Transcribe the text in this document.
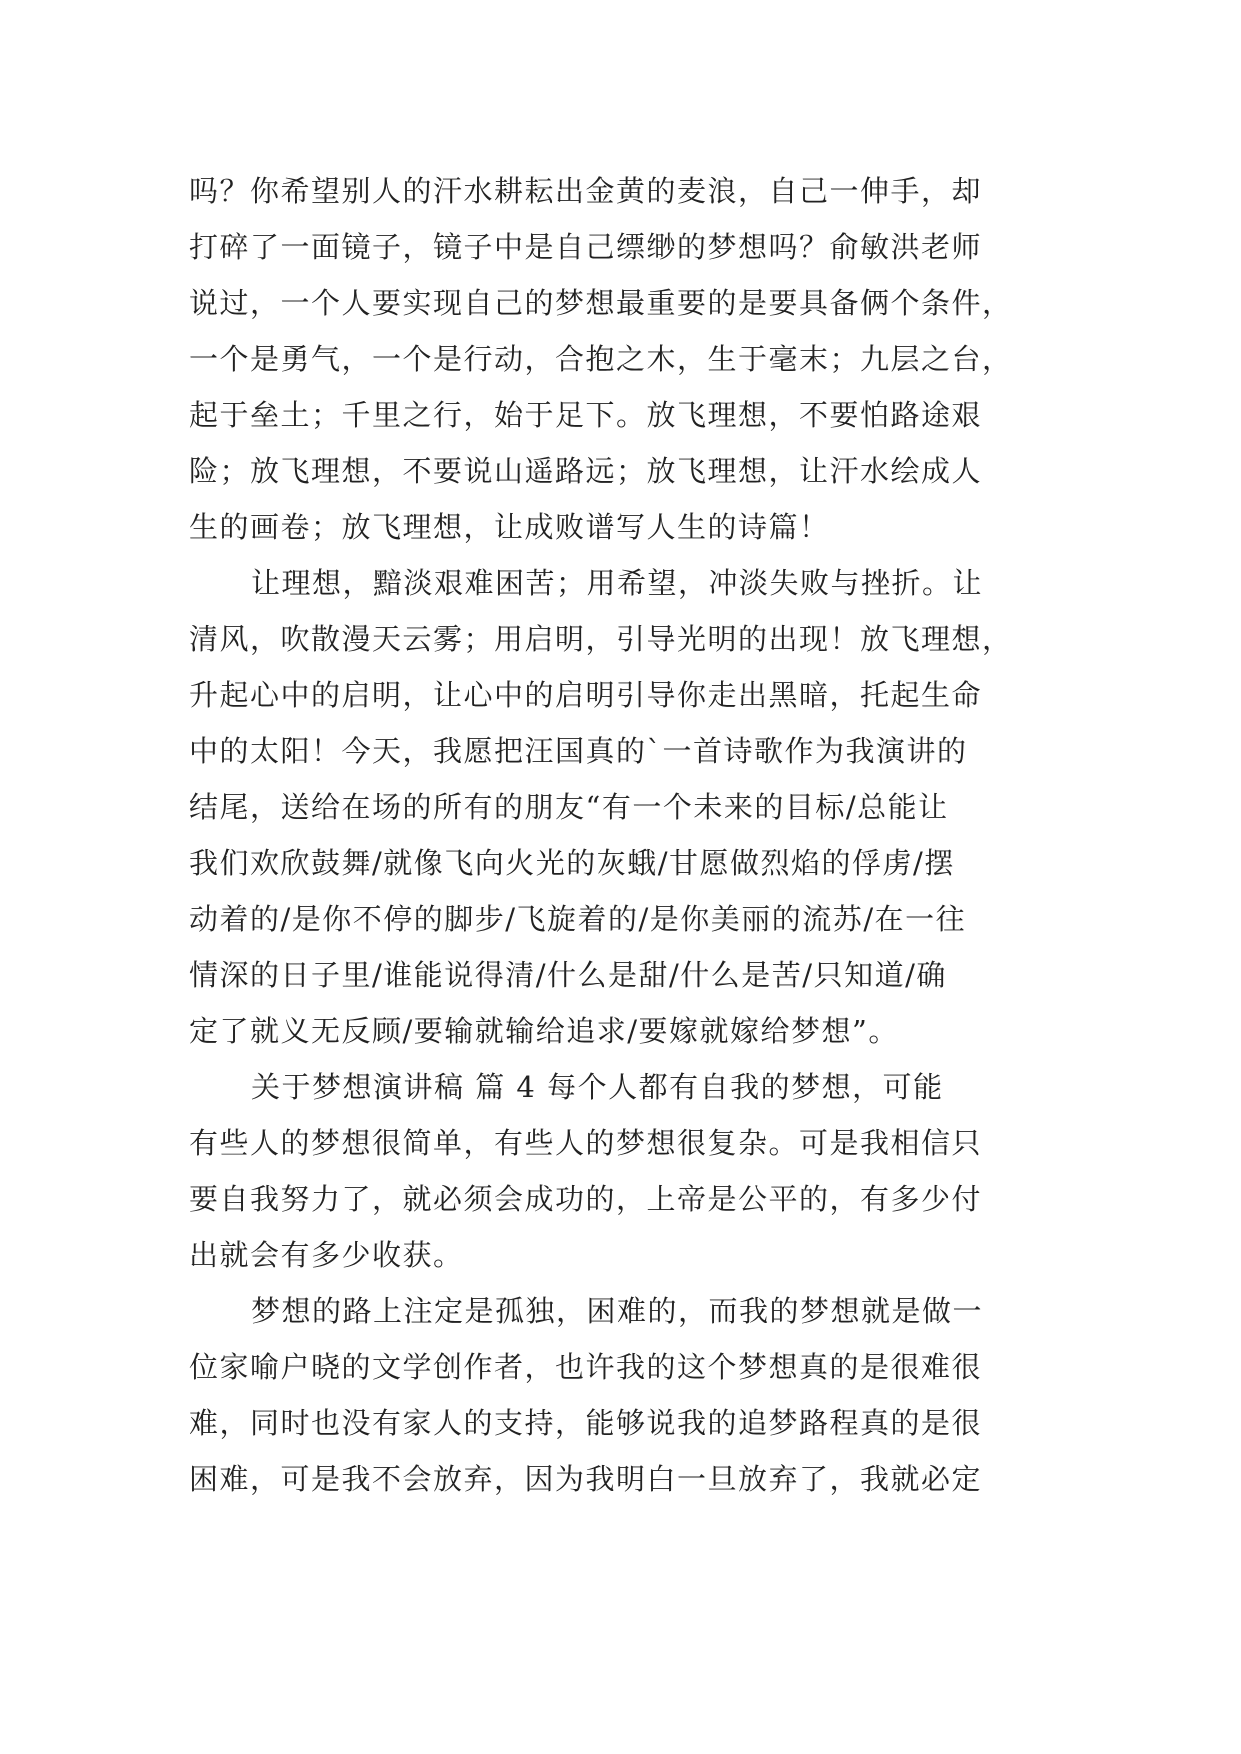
吗？你希望别人的汗水耕耘出金黄的麦浪，自己一伸手，却
打碎了一面镜子，镜子中是自己缥缈的梦想吗？俞敏洪老师
说过，一个人要实现自己的梦想最重要的是要具备俩个条件，
一个是勇气，一个是行动，合抱之木，生于毫末；九层之台，
起于垒土；千里之行，始于足下。放飞理想，不要怕路途艰
险；放飞理想，不要说山遥路远；放飞理想，让汗水绘成人
生的画卷；放飞理想，让成败谱写人生的诗篇！
让理想，黯淡艰难困苦；用希望，冲淡失败与挫折。让
清风，吹散漫天云雾；用启明，引导光明的出现！放飞理想，
升起心中的启明，让心中的启明引导你走出黑暗，托起生命
中的太阳！今天，我愿把汪国真的`一首诗歌作为我演讲的
结尾，送给在场的所有的朋友“有一个未来的目标/总能让
我们欢欣鼓舞/就像飞向火光的灰蛾/甘愿做烈焰的俘虏/摆
动着的/是你不停的脚步/飞旋着的/是你美丽的流苏/在一往
情深的日子里/谁能说得清/什么是甜/什么是苦/只知道/确
定了就义无反顾/要输就输给追求/要嫁就嫁给梦想”。
关于梦想演讲稿 篇 4 每个人都有自我的梦想，可能
有些人的梦想很简单，有些人的梦想很复杂。可是我相信只
要自我努力了，就必须会成功的，上帝是公平的，有多少付
出就会有多少收获。
梦想的路上注定是孤独，困难的，而我的梦想就是做一
位家喻户晓的文学创作者，也许我的这个梦想真的是很难很
难，同时也没有家人的支持，能够说我的追梦路程真的是很
困难，可是我不会放弃，因为我明白一旦放弃了，我就必定
